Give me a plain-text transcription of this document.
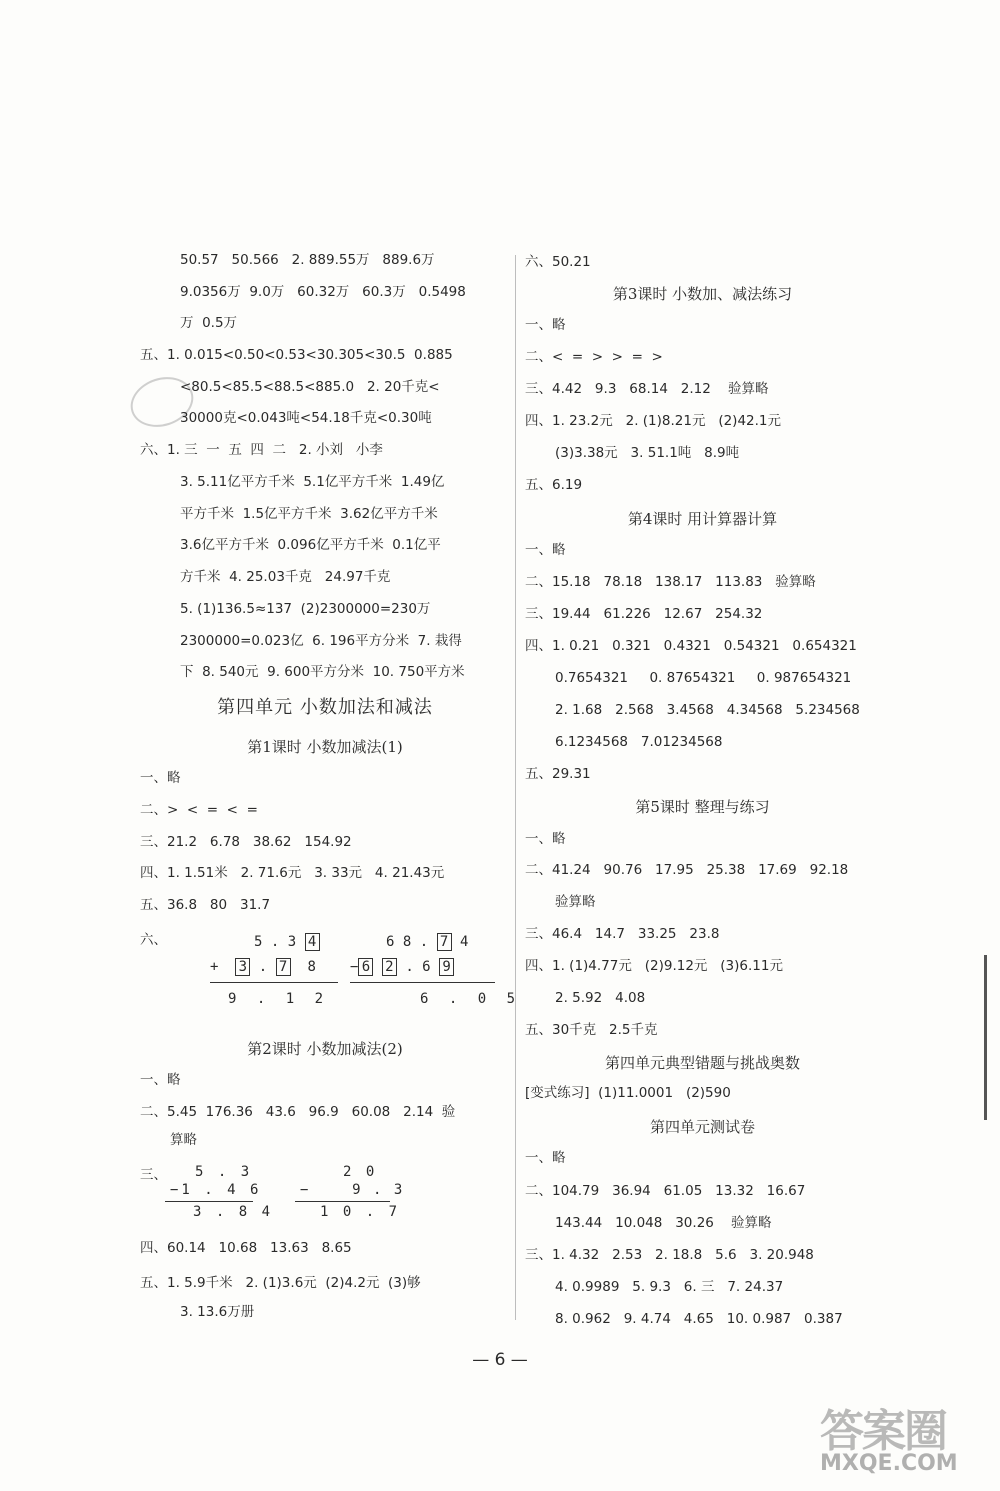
50.57   50.566   2. 889.55万   889.6万
9.0356万  9.0万   60.32万   60.3万   0.5498
万  0.5万
五、1. 0.015<0.50<0.53<30.305<30.5  0.885
<80.5<85.5<88.5<885.0   2. 20千克<
30000克<0.043吨<54.18千克<0.30吨
六、1. 三  一  五  四  二   2. 小刘   小李
3. 5.11亿平方千米  5.1亿平方千米  1.49亿
平方千米  1.5亿平方千米  3.62亿平方千米
3.6亿平方千米  0.096亿平方千米  0.1亿平
方千米  4. 25.03千克   24.97千克
5. (1)136.5≈137  (2)2300000=230万
2300000=0.023亿  6. 196平方分米  7. 栽得
下  8. 540元  9. 600平方分米  10. 750平方米
第四单元 小数加法和减法
第1课时 小数加减法(1)
一、略
二、>  <  =  <  =
三、21.2   6.78   38.62   154.92
四、1. 1.51米   2. 71.6元   3. 33元   4. 21.43元
五、36.8   80   31.7
六、	5 . 3 4
+ 3 . 7 8
9 . 1 2
6 8 . 7 4
− 6 2 . 6 9
6 . 0 5
第2课时 小数加减法(2)
一、略
二、5.45  176.36   43.6   96.9   60.08   2.14  验
算略
三、 5 . 3
−1 . 4 6
3 . 8 4
2 0
−    9 . 3
1 0 . 7
四、60.14   10.68   13.63   8.65
五、1. 5.9千米   2. (1)3.6元  (2)4.2元  (3)够
3. 13.6万册
六、50.21
第3课时 小数加、减法练习
一、略
二、<  =  >  >  =  >
三、4.42   9.3   68.14   2.12    验算略
四、1. 23.2元   2. (1)8.21元   (2)42.1元
(3)3.38元   3. 51.1吨   8.9吨
五、6.19
第4课时 用计算器计算
一、略
二、15.18   78.18   138.17   113.83   验算略
三、19.44   61.226   12.67   254.32
四、1. 0.21   0.321   0.4321   0.54321   0.654321
0.7654321     0. 87654321     0. 987654321
2. 1.68   2.568   3.4568   4.34568   5.234568
6.1234568   7.01234568
五、29.31
第5课时 整理与练习
一、略
二、41.24   90.76   17.95   25.38   17.69   92.18
验算略
三、46.4   14.7   33.25   23.8
四、1. (1)4.77元   (2)9.12元   (3)6.11元
2. 5.92   4.08
五、30千克   2.5千克
第四单元典型错题与挑战奥数
[变式练习]  (1)11.0001   (2)590
第四单元测试卷
一、略
二、104.79   36.94   61.05   13.32   16.67
143.44   10.048   30.26    验算略
三、1. 4.32   2.53   2. 18.8   5.6   3. 20.948
4. 0.9989   5. 9.3   6. 三   7. 24.37
8. 0.962   9. 4.74   4.65   10. 0.987   0.387
— 6 —
答案圈
MXQE.COM
